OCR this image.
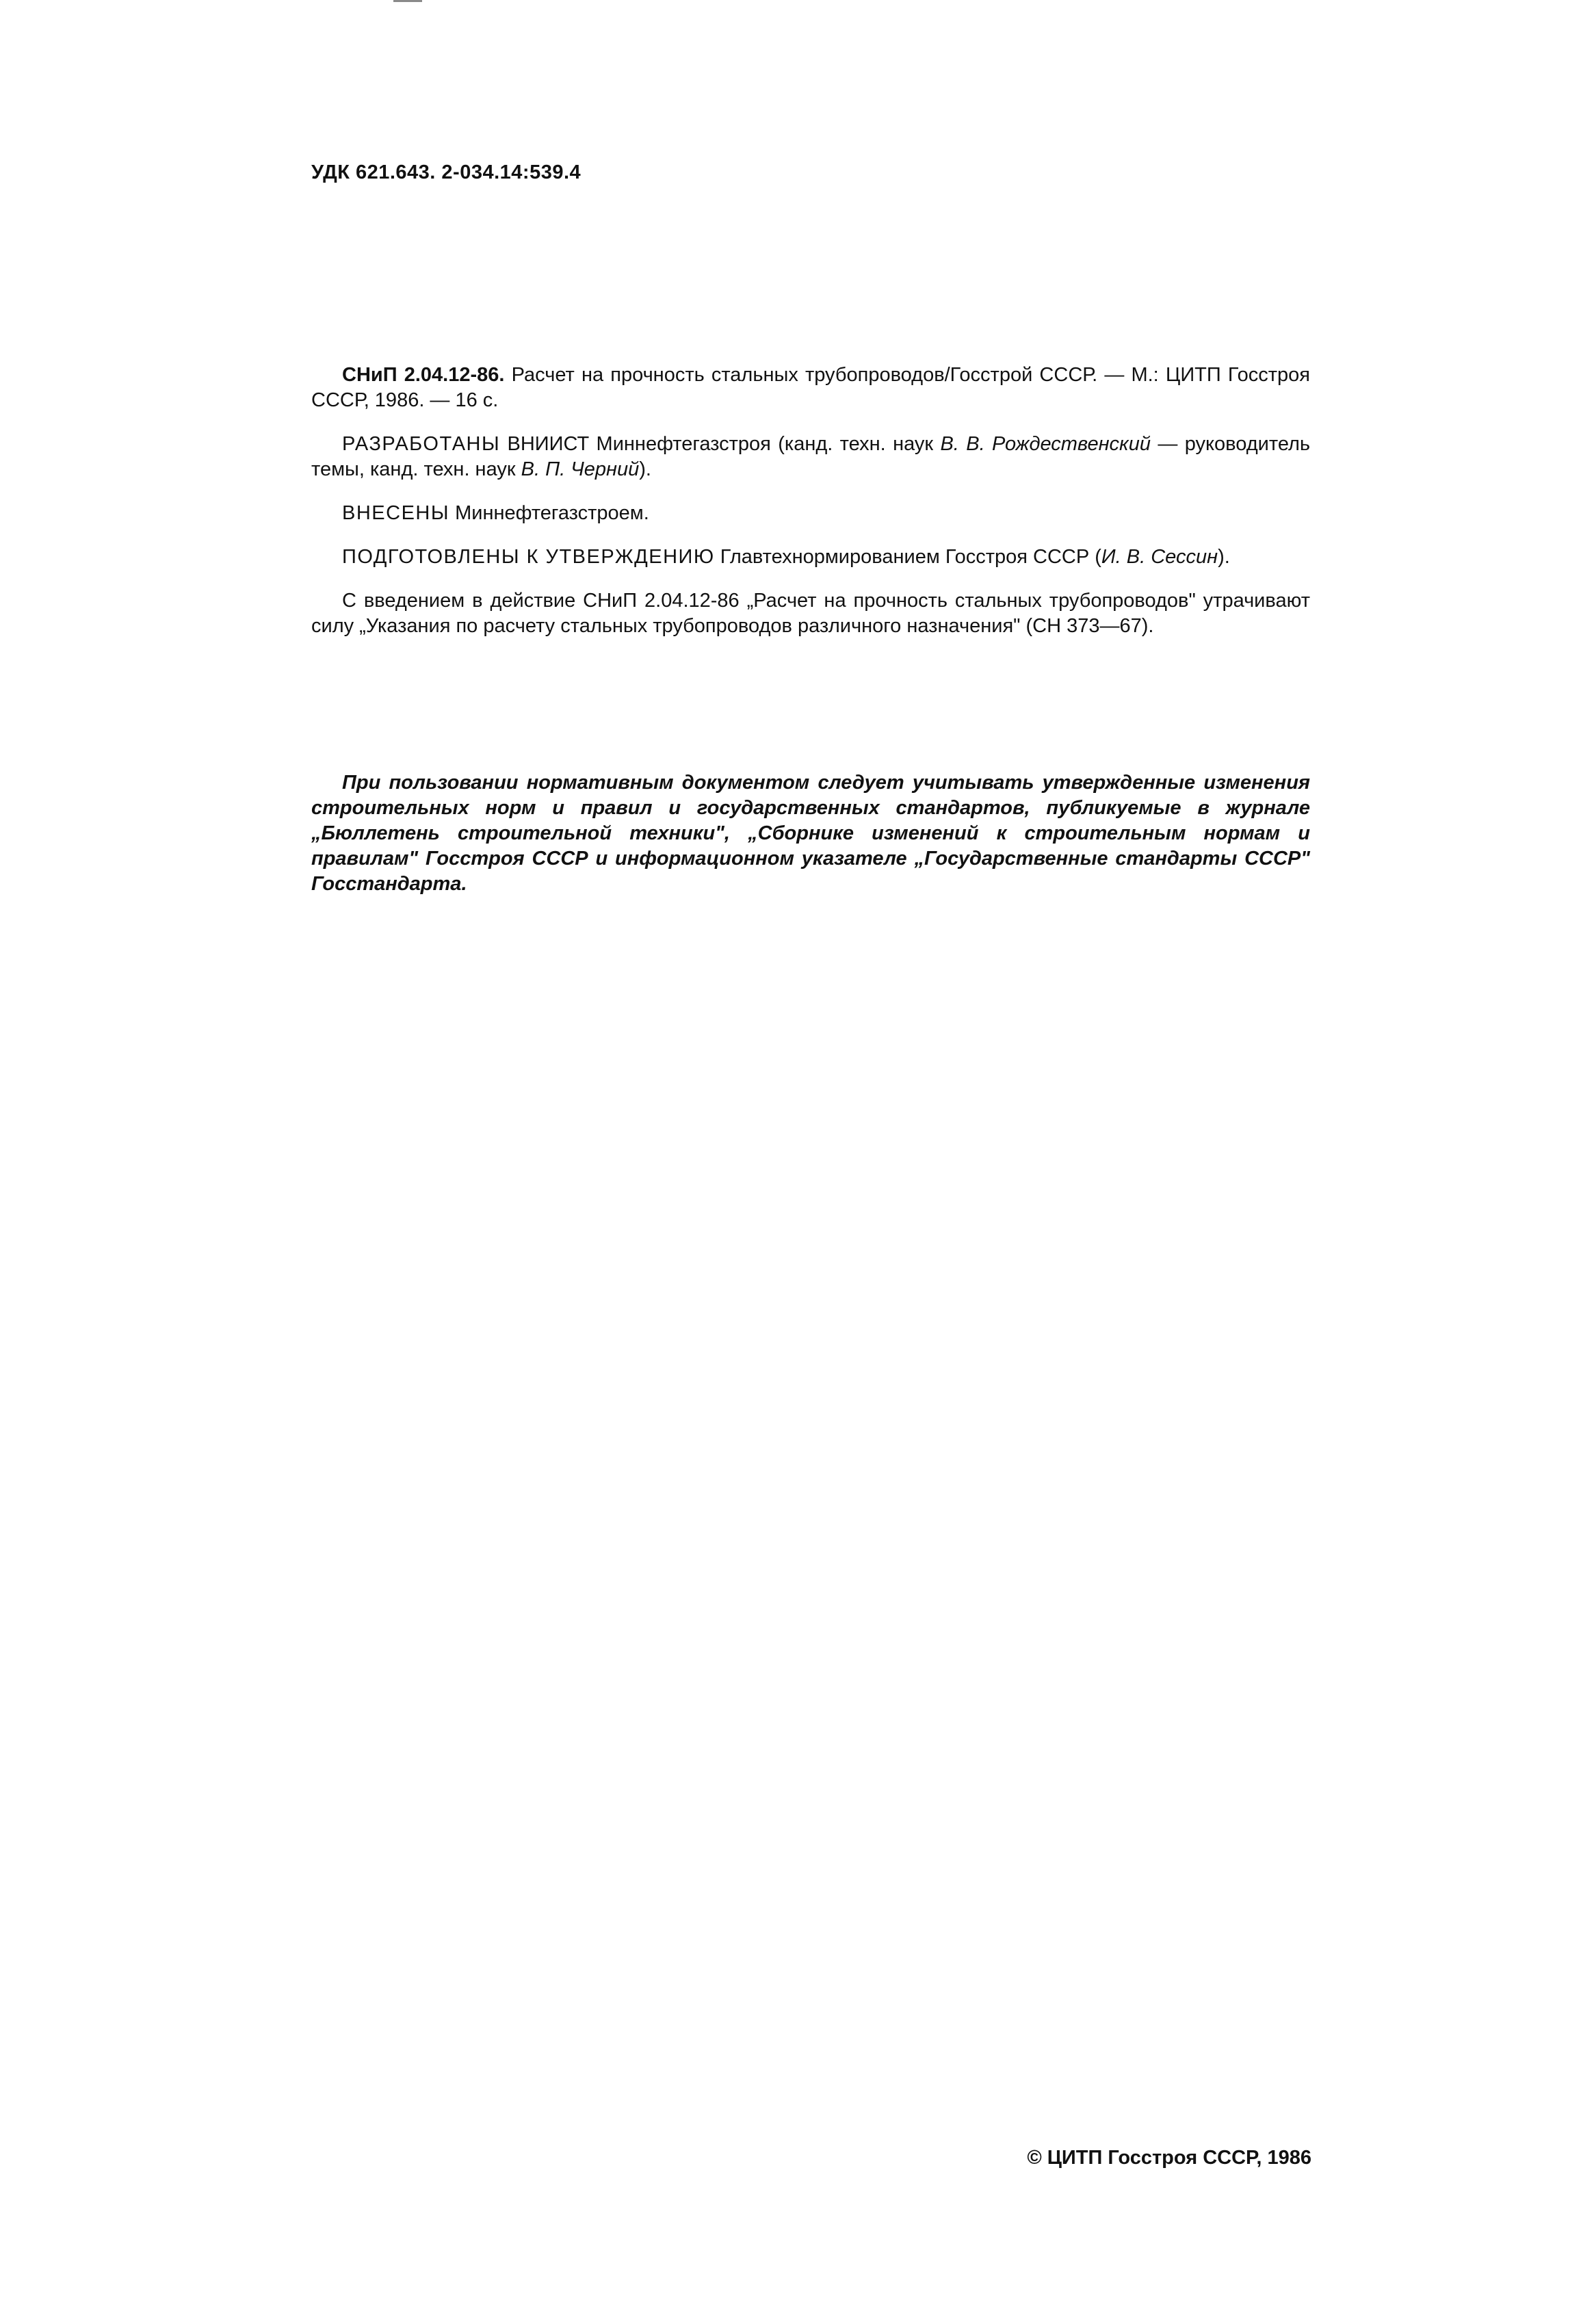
УДК 621.643. 2-034.14:539.4

СНиП 2.04.12-86. Расчет на прочность стальных трубопроводов/Госстрой СССР. — М.: ЦИТП Госстроя СССР, 1986. — 16 с.

РАЗРАБОТАНЫ ВНИИСТ Миннефтегазстроя (канд. техн. наук В. В. Рождественский — руководитель темы, канд. техн. наук В. П. Черний).

ВНЕСЕНЫ Миннефтегазстроем.

ПОДГОТОВЛЕНЫ К УТВЕРЖДЕНИЮ Главтехнормированием Госстроя СССР (И. В. Сессин).

С введением в действие СНиП 2.04.12-86 „Расчет на прочность стальных трубопроводов" утрачивают силу „Указания по расчету стальных трубопроводов различного назначения" (СН 373—67).

При пользовании нормативным документом следует учитывать утвержденные изменения строительных норм и правил и государственных стандартов, публикуемые в журнале „Бюллетень строительной техники", „Сборнике изменений к строительным нормам и правилам" Госстроя СССР и информационном указателе „Государственные стандарты СССР" Госстандарта.

© ЦИТП Госстроя СССР, 1986
